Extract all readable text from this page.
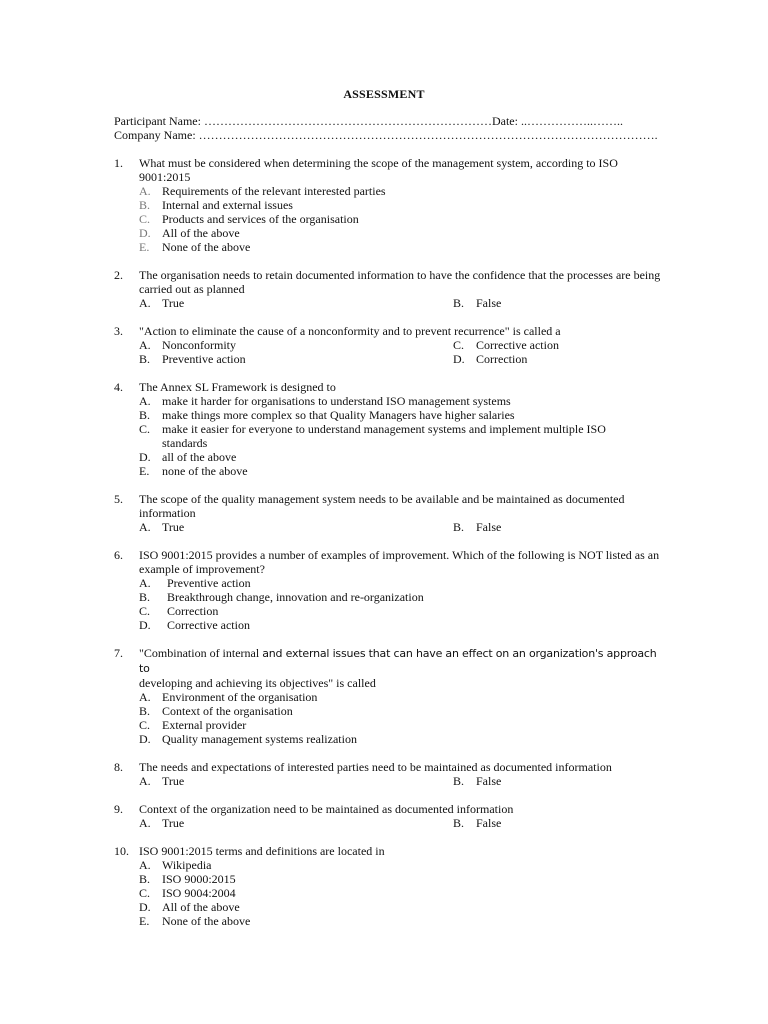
ASSESSMENT
Participant Name: ………………………………………………………………Date: ..……………..……..
Company Name: …………………………………………………………………………………………………….
1.	What must be considered when determining the scope of the management system, according to ISO 9001:2015
A. Requirements of the relevant interested parties
B. Internal and external issues
C. Products and services of the organisation
D. All of the above
E.	None of the above
2.	The organisation needs to retain documented information to have the confidence that the processes are being carried out as planned
A. True	B. False
3.	"Action to eliminate the cause of a nonconformity and to prevent recurrence" is called a
A. Nonconformity	C. Corrective action
B. Preventive action	D. Correction
4.	The Annex SL Framework is designed to
A. make it harder for organisations to understand ISO management systems
B. make things more complex so that Quality Managers have higher salaries
C. make it easier for everyone to understand management systems and implement multiple ISO
standards
D. all of the above
E.	none of the above
5.	The scope of the quality management system needs to be available and be maintained as documented information
A. True	B. False
6.	ISO 9001:2015 provides a number of examples of improvement. Which of the following is NOT listed as an example of improvement?
A.	Preventive action
B.	Breakthrough change, innovation and re-organization
C.	Correction
D.	Corrective action
7.	"Combination of internal and external issues that can have an effect on an organization's approach to
developing and achieving its objectives" is called
A. Environment of the organisation
B. Context of the organisation
C. External provider
D. Quality management systems realization
8.	The needs and expectations of interested parties need to be maintained as documented information
A. True	B. False
9.	Context of the organization need to be maintained as documented information
A. True	B. False
10. ISO 9001:2015 terms and definitions are located in
A. Wikipedia
B. ISO 9000:2015
C. ISO 9004:2004
D. All of the above
E.	None of the above
